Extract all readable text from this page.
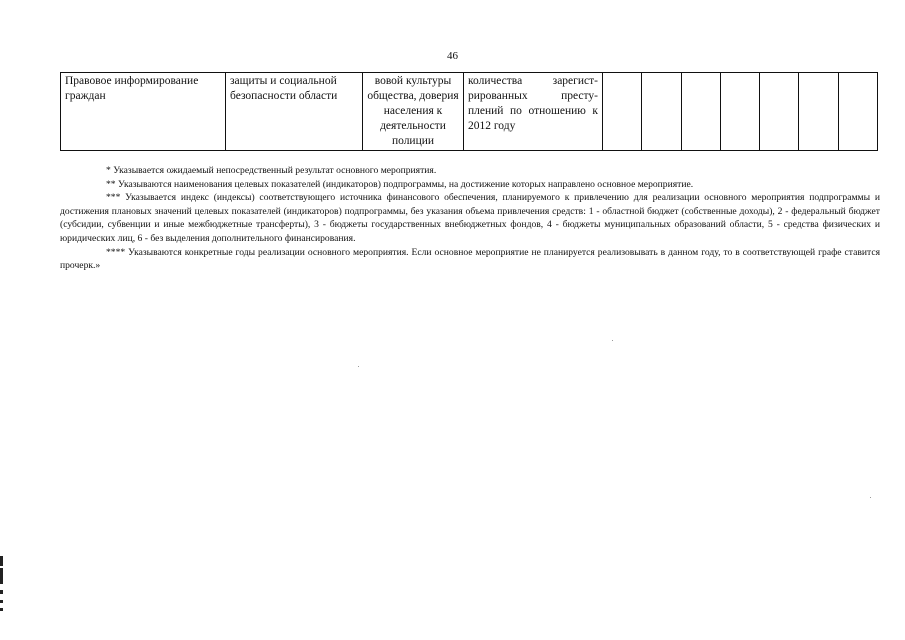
46
Правовое информирование граждан	защиты и социальной безопасности области	вовой культуры общества, доверия населения к деятельности полиции	количества зарегистрированных преступлений по отношению к 2012 году							

* Указывается ожидаемый непосредственный результат основного мероприятия.

** Указываются наименования целевых показателей (индикаторов) подпрограммы, на достижение которых направлено основное мероприятие.

*** Указывается индекс (индексы) соответствующего источника финансового обеспечения, планируемого к привлечению для реализации основного мероприятия подпрограммы и достижения плановых значений целевых показателей (индикаторов) подпрограммы, без указания объема привлечения средств: 1 - областной бюджет (собственные доходы), 2 - федеральный бюджет (субсидии, субвенции и иные межбюджетные трансферты), 3 - бюджеты государственных внебюджетных фондов, 4 - бюджеты муниципальных образований области, 5 - средства физических и юридических лиц, 6 - без выделения дополнительного финансирования.

**** Указываются конкретные годы реализации основного мероприятия. Если основное мероприятие не планируется реализовывать в данном году, то в соответствующей графе ставится прочерк.»
